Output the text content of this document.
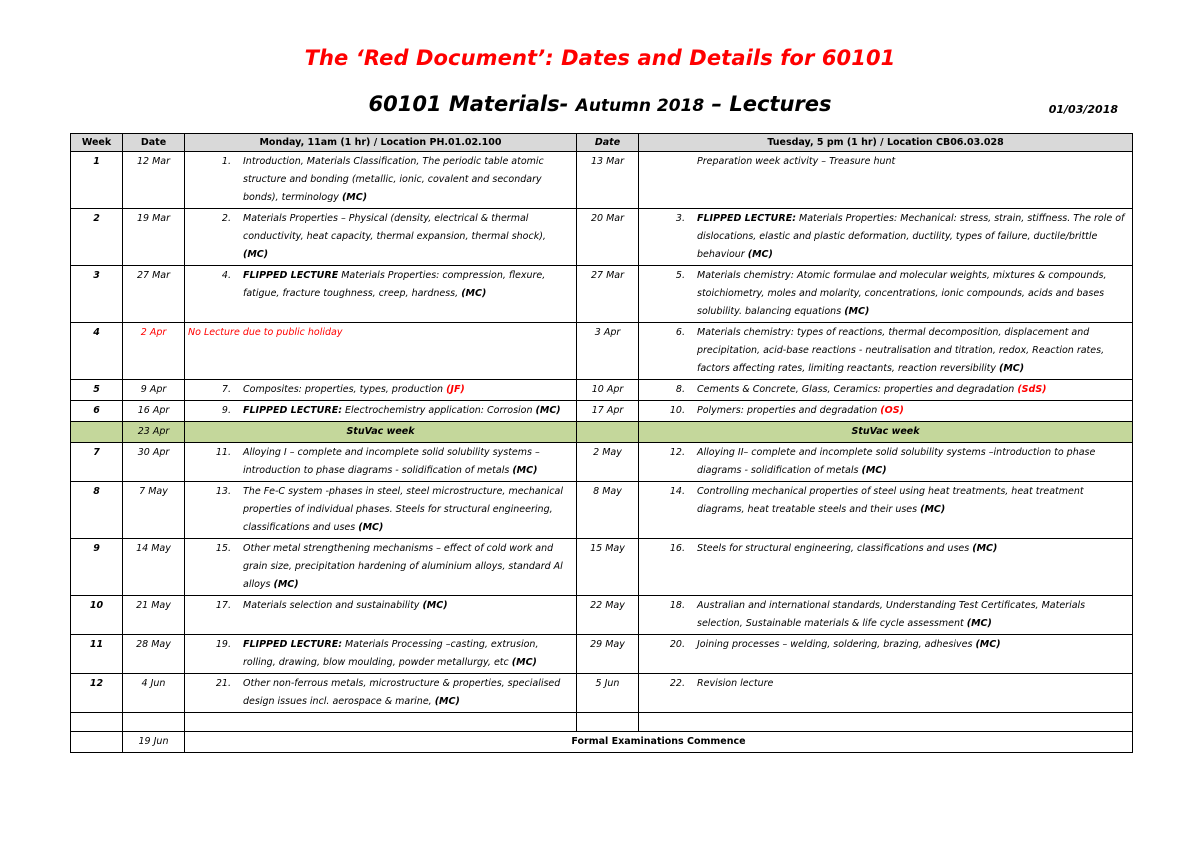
The ‘Red Document’: Dates and Details for 60101
60101 Materials- Autumn 2018 – Lectures	01/03/2018
Week	Date	Monday, 11am (1 hr) / Location PH.01.02.100	Date	Tuesday, 5 pm (1 hr) / Location CB06.03.028
1	12 Mar	1. Introduction, Materials Classification, The periodic table atomic structure and bonding (metallic, ionic, covalent and secondary bonds), terminology (MC)	13 Mar	Preparation week activity – Treasure hunt

2	19 Mar	2. Materials Properties – Physical (density, electrical & thermal conductivity, heat capacity, thermal expansion, thermal shock), (MC)	20 Mar	3. FLIPPED LECTURE: Materials Properties: Mechanical: stress, strain, stiffness. The role of dislocations, elastic and plastic deformation, ductility, types of failure, ductile/brittle behaviour (MC)

3	27 Mar	4. FLIPPED LECTURE Materials Properties: compression, flexure, fatigue, fracture toughness, creep, hardness, (MC)	27 Mar	5. Materials chemistry: Atomic formulae and molecular weights, mixtures & compounds, stoichiometry, moles and molarity, concentrations, ionic compounds, acids and bases solubility. balancing equations (MC)

4	2 Apr	No Lecture due to public holiday	3 Apr	6. Materials chemistry: types of reactions, thermal decomposition, displacement and precipitation, acid-base reactions - neutralisation and titration, redox, Reaction rates, factors affecting rates, limiting reactants, reaction reversibility (MC)

5	9 Apr	7. Composites: properties, types, production (JF)	10 Apr	8. Cements & Concrete, Glass, Ceramics: properties and degradation (SdS)

6	16 Apr	9. FLIPPED LECTURE: Electrochemistry application: Corrosion (MC)	17 Apr	10. Polymers: properties and degradation (OS)

	23 Apr	StuVac week		StuVac week
7	30 Apr	11. Alloying I – complete and incomplete solid solubility systems – introduction to phase diagrams - solidification of metals (MC)	2 May	12. Alloying II– complete and incomplete solid solubility systems –introduction to phase diagrams - solidification of metals (MC)

8	7 May	13. The Fe-C system -phases in steel, steel microstructure, mechanical properties of individual phases. Steels for structural engineering, classifications and uses (MC)	8 May	14. Controlling mechanical properties of steel using heat treatments, heat treatment diagrams, heat treatable steels and their uses (MC)

9	14 May	15. Other metal strengthening mechanisms – effect of cold work and grain size, precipitation hardening of aluminium alloys, standard Al alloys (MC)	15 May	16. Steels for structural engineering, classifications and uses (MC)

10	21 May	17. Materials selection and sustainability (MC)	22 May	18. Australian and international standards, Understanding Test Certificates, Materials selection, Sustainable materials & life cycle assessment (MC)

11	28 May	19. FLIPPED LECTURE: Materials Processing –casting, extrusion, rolling, drawing, blow moulding, powder metallurgy, etc (MC)	29 May	20. Joining processes – welding, soldering, brazing, adhesives (MC)

12	4 Jun	21. Other non-ferrous metals, microstructure & properties, specialised design issues incl. aerospace & marine, (MC)	5 Jun	22. Revision lecture

	19 Jun	Formal Examinations Commence		
